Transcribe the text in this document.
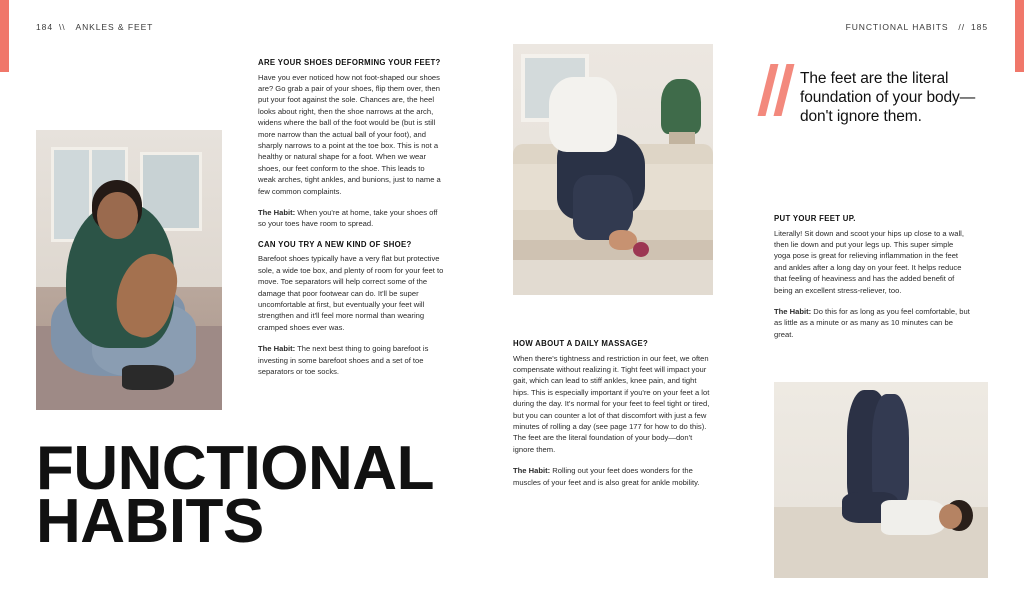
184 \\ ANKLES & FEET	FUNCTIONAL HABITS // 185
FUNCTIONAL
HABITS
ARE YOUR SHOES DEFORMING YOUR FEET?

Have you ever noticed how not foot-shaped our shoes are? Go grab a pair of your shoes, flip them over, then put your foot against the sole. Chances are, the heel looks about right, then the shoe narrows at the arch, widens where the ball of the foot would be (but is still more narrow than the actual ball of your foot), and sharply narrows to a point at the toe box. This is not a healthy or natural shape for a foot. When we wear shoes, our feet conform to the shoe. This leads to weak arches, tight ankles, and bunions, just to name a few common complaints.

The Habit: When you're at home, take your shoes off so your toes have room to spread.

CAN YOU TRY A NEW KIND OF SHOE?

Barefoot shoes typically have a very flat but protective sole, a wide toe box, and plenty of room for your feet to move. Toe separators will help correct some of the damage that poor footwear can do. It'll be super uncomfortable at first, but eventually your feet will strengthen and it'll feel more normal than wearing cramped shoes ever was.

The Habit: The next best thing to going barefoot is investing in some barefoot shoes and a set of toe separators or toe socks.

HOW ABOUT A DAILY MASSAGE?

When there's tightness and restriction in our feet, we often compensate without realizing it. Tight feet will impact your gait, which can lead to stiff ankles, knee pain, and tight hips. This is especially important if you're on your feet a lot during the day. It's normal for your feet to feel tight or tired, but you can counter a lot of that discomfort with just a few minutes of rolling a day (see page 177 for how to do this). The feet are the literal foundation of your body—don't ignore them.

The Habit: Rolling out your feet does wonders for the muscles of your feet and is also great for ankle mobility.

The feet are the literal foundation of your body—don't ignore them.
PUT YOUR FEET UP.

Literally! Sit down and scoot your hips up close to a wall, then lie down and put your legs up. This super simple yoga pose is great for relieving inflammation in the feet and ankles after a long day on your feet. It helps reduce that feeling of heaviness and has the added benefit of being an excellent stress-reliever, too.

The Habit: Do this for as long as you feel comfortable, but as little as a minute or as many as 10 minutes can be great.
